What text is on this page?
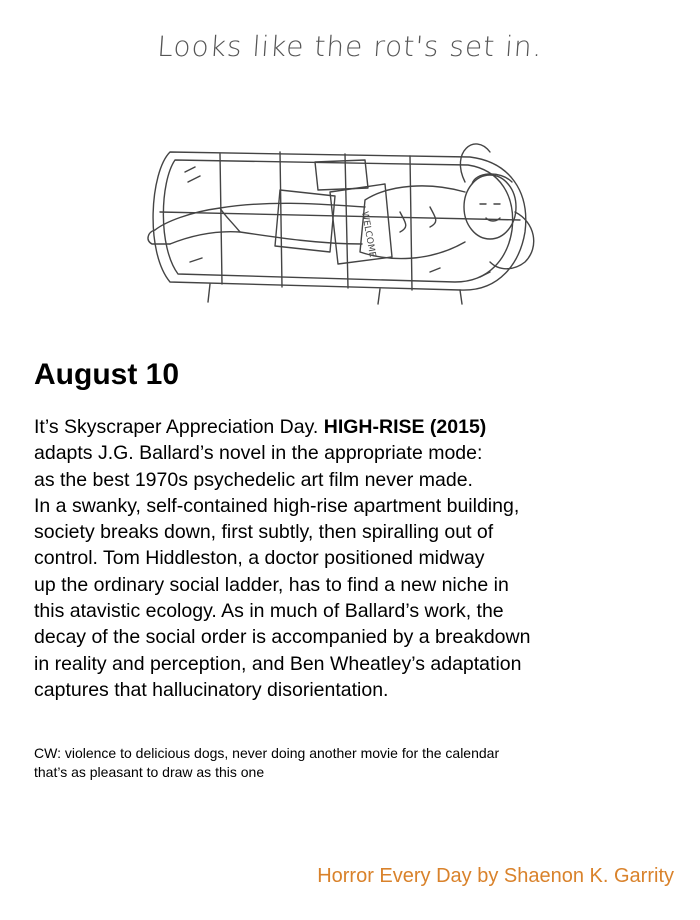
Looks like the rot's set in.
WELCOME
August 10
It’s Skyscraper Appreciation Day. HIGH-RISE (2015)
adapts J.G. Ballard’s novel in the appropriate mode:
as the best 1970s psychedelic art film never made.
In a swanky, self-contained high-rise apartment building,
society breaks down, first subtly, then spiralling out of
control. Tom Hiddleston, a doctor positioned midway
up the ordinary social ladder, has to find a new niche in
this atavistic ecology. As in much of Ballard’s work, the
decay of the social order is accompanied by a breakdown
in reality and perception, and Ben Wheatley’s adaptation
captures that hallucinatory disorientation.
CW: violence to delicious dogs, never doing another movie for the calendar
that’s as pleasant to draw as this one
Horror Every Day by Shaenon K. Garrity
